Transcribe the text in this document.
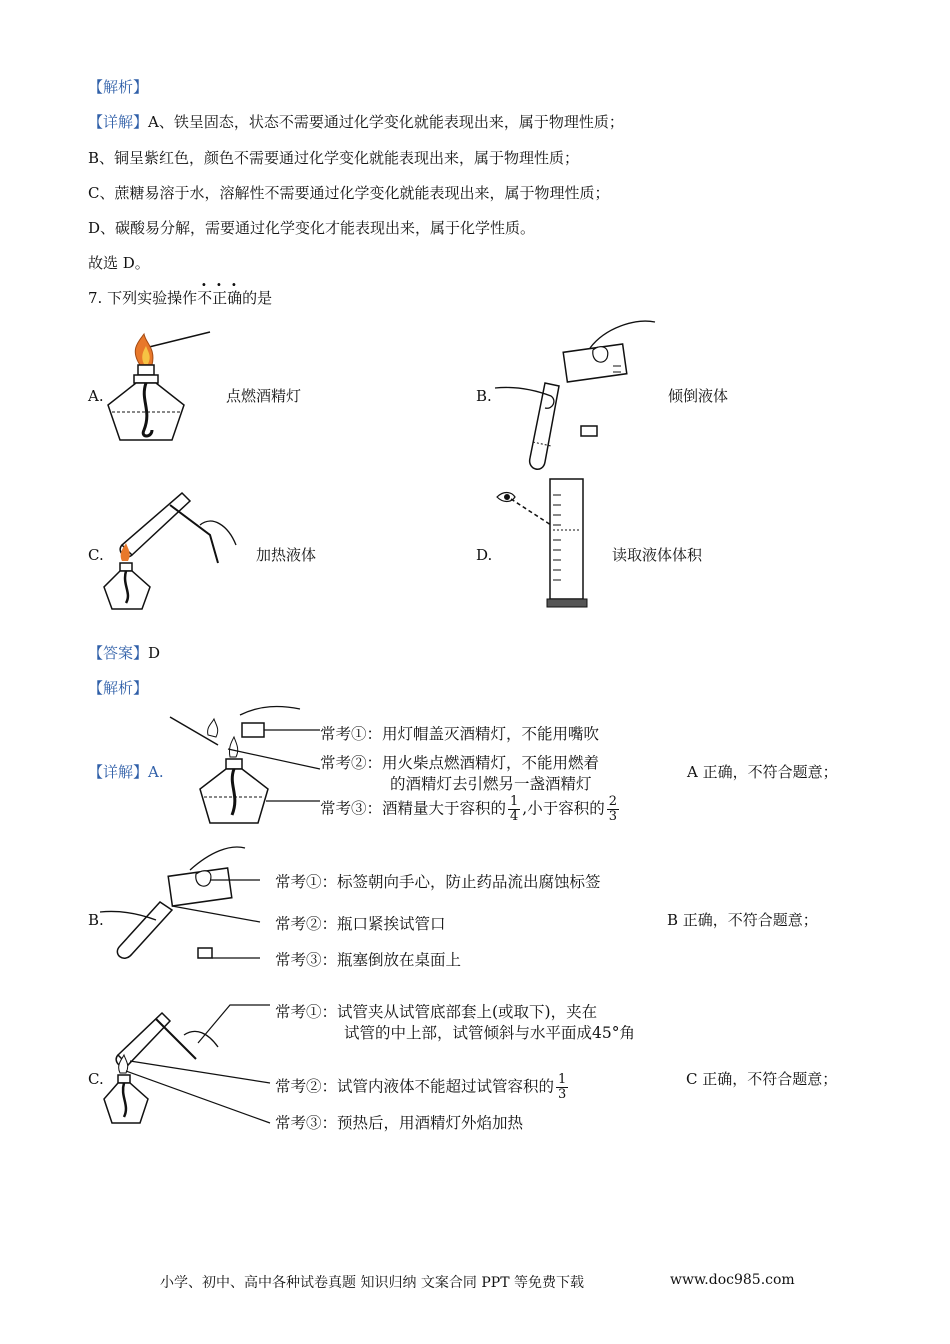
【解析】
【详解】A、铁呈固态，状态不需要通过化学变化就能表现出来，属于物理性质；
B、铜呈紫红色，颜色不需要通过化学变化就能表现出来，属于物理性质；
C、蔗糖易溶于水，溶解性不需要通过化学变化就能表现出来，属于物理性质；
D、碳酸易分解，需要通过化学变化才能表现出来，属于化学性质。
故选 D。
7. 下列实验操作不正确的是
A.	点燃酒精灯	B.	倾倒液体
C.	加热液体	D.	读取液体体积
【答案】D
【解析】
【详解】A.
常考①：用灯帽盖灭酒精灯，不能用嘴吹
常考②：用火柴点燃酒精灯，不能用燃着
的酒精灯去引燃另一盏酒精灯
常考③：酒精量大于容积的 $\frac{1}{4}$ ,小于容积的 $\frac{2}{3}$
A 正确，不符合题意；
B.
常考①：标签朝向手心，防止药品流出腐蚀标签
常考②：瓶口紧挨试管口
常考③：瓶塞倒放在桌面上
B 正确，不符合题意；
C.
常考①：试管夹从试管底部套上(或取下)，夹在
试管的中上部，试管倾斜与水平面成45°角
常考②：试管内液体不能超过试管容积的 $\frac{1}{3}$
常考③：预热后，用酒精灯外焰加热
C 正确，不符合题意；
小学、初中、高中各种试卷真题 知识归纳 文案合同 PPT 等免费下载	www.doc985.com
